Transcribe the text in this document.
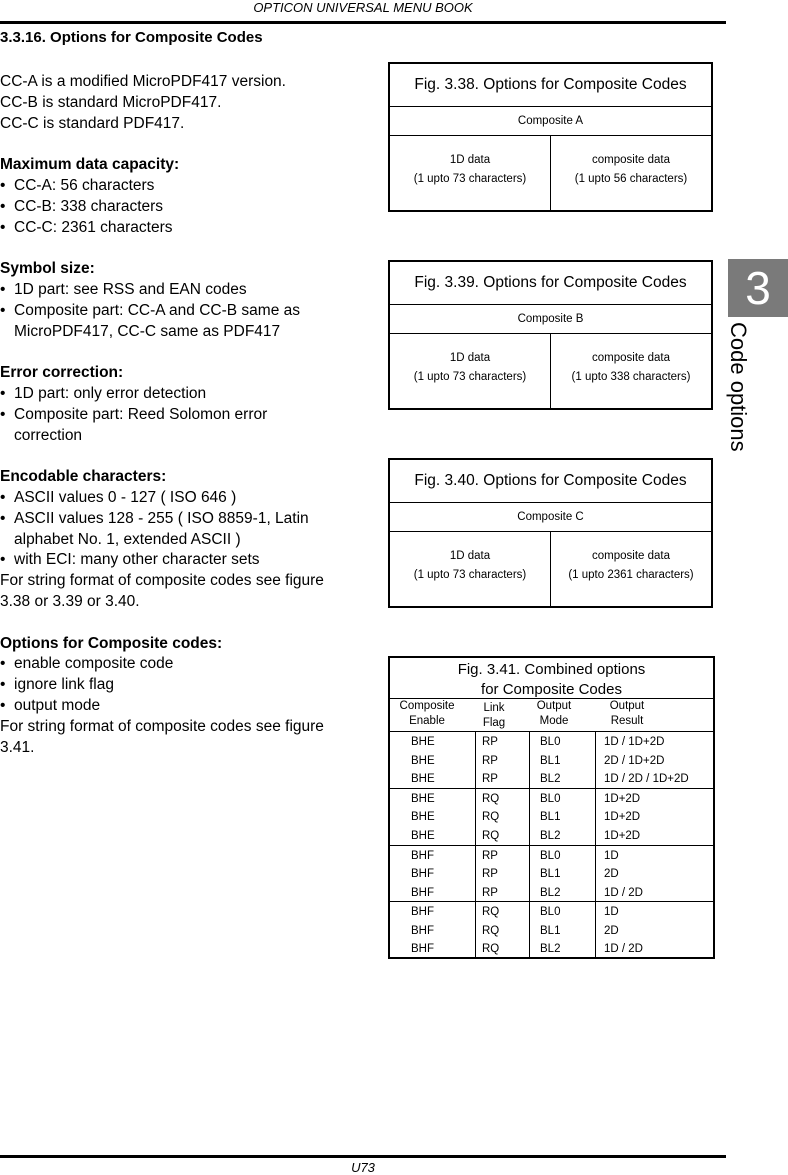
OPTICON UNIVERSAL MENU BOOK
3.3.16. Options for Composite Codes

CC-A is a modified MicroPDF417 version.

CC-B is standard MicroPDF417.

CC-C is standard PDF417.

Maximum data capacity:

• CC-A: 56 characters
• CC-B: 338 characters
• CC-C: 2361 characters

Symbol size:

• 1D part: see RSS and EAN codes
• Composite part: CC-A and CC-B same as
MicroPDF417, CC-C same as PDF417

Error correction:

• 1D part: only error detection
• Composite part: Reed Solomon error
correction

Encodable characters:

• ASCII values 0 - 127 ( ISO 646 )
• ASCII values 128 - 255 ( ISO 8859-1, Latin
alphabet No. 1, extended ASCII )
• with ECI: many other character sets

For string format of composite codes see figure
3.38 or 3.39 or 3.40.

Options for Composite codes:

• enable composite code
• ignore link flag
• output mode

For string format of composite codes see figure
3.41.

Fig. 3.38. Options for Composite Codes
Composite A
1D data
(1 upto 73 characters)
composite data
(1 upto 56 characters)
Fig. 3.39. Options for Composite Codes
Composite B
1D data
(1 upto 73 characters)
composite data
(1 upto 338 characters)
Fig. 3.40. Options for Composite Codes
Composite C
1D data
(1 upto 73 characters)
composite data
(1 upto 2361 characters)
Fig. 3.41. Combined options
for Composite Codes
Composite
Enable
Link
Flag
Output
Mode
Output
Result
BHE
BHE
BHE
RP
RP
RP
BL0
BL1
BL2
1D / 1D+2D
2D / 1D+2D
1D / 2D / 1D+2D
BHE
BHE
BHE
RQ
RQ
RQ
BL0
BL1
BL2
1D+2D
1D+2D
1D+2D
BHF
BHF
BHF
RP
RP
RP
BL0
BL1
BL2
1D
2D
1D / 2D
BHF
BHF
BHF
RQ
RQ
RQ
BL0
BL1
BL2
1D
2D
1D / 2D
3
Code options
U73
